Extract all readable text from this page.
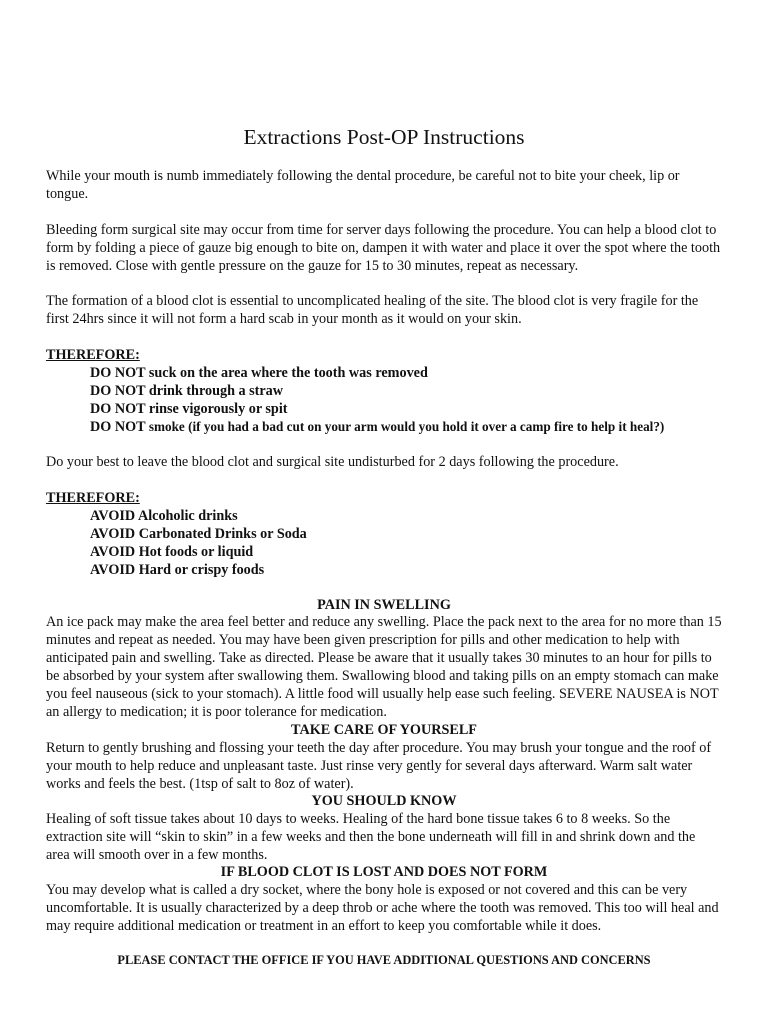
Extractions Post-OP Instructions

While your mouth is numb immediately following the dental procedure, be careful not to bite your cheek, lip or tongue.

Bleeding form surgical site may occur from time for server days following the procedure. You can help a blood clot to form by folding a piece of gauze big enough to bite on, dampen it with water and place it over the spot where the tooth is removed. Close with gentle pressure on the gauze for 15 to 30 minutes, repeat as necessary.

The formation of a blood clot is essential to uncomplicated healing of the site. The blood clot is very fragile for the first 24hrs since it will not form a hard scab in your month as it would on your skin.

THEREFORE:

DO NOT suck on the area where the tooth was removed

DO NOT drink through a straw

DO NOT rinse vigorously or spit

DO NOT smoke (if you had a bad cut on your arm would you hold it over a camp fire to help it heal?)

Do your best to leave the blood clot and surgical site undisturbed for 2 days following the procedure.

THEREFORE:

AVOID Alcoholic drinks

AVOID Carbonated Drinks or Soda

AVOID Hot foods or liquid

AVOID Hard or crispy foods

PAIN IN SWELLING

An ice pack may make the area feel better and reduce any swelling. Place the pack next to the area for no more than 15 minutes and repeat as needed. You may have been given prescription for pills and other medication to help with anticipated pain and swelling. Take as directed. Please be aware that it usually takes 30 minutes to an hour for pills to be absorbed by your system after swallowing them. Swallowing blood and taking pills on an empty stomach can make you feel nauseous (sick to your stomach). A little food will usually help ease such feeling. SEVERE NAUSEA is NOT an allergy to medication; it is poor tolerance for medication.

TAKE CARE OF YOURSELF

Return to gently brushing and flossing your teeth the day after procedure. You may brush your tongue and the roof of your mouth to help reduce and unpleasant taste. Just rinse very gently for several days afterward. Warm salt water works and feels the best. (1tsp of salt to 8oz of water).

YOU SHOULD KNOW

Healing of soft tissue takes about 10 days to weeks. Healing of the hard bone tissue takes 6 to 8 weeks. So the extraction site will “skin to skin” in a few weeks and then the bone underneath will fill in and shrink down and the area will smooth over in a few months.

IF BLOOD CLOT IS LOST AND DOES NOT FORM

You may develop what is called a dry socket, where the bony hole is exposed or not covered and this can be very uncomfortable. It is usually characterized by a deep throb or ache where the tooth was removed. This too will heal and may require additional medication or treatment in an effort to keep you comfortable while it does.

PLEASE CONTACT THE OFFICE IF YOU HAVE ADDITIONAL QUESTIONS AND CONCERNS
